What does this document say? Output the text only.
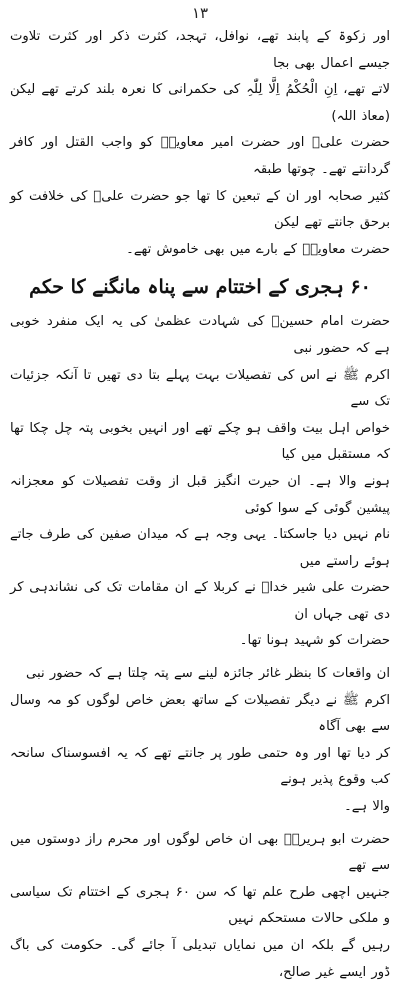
۱۳
اور زکوۃ کے پابند تھے، نوافل، تہجد، کثرت ذکر اور کثرت تلاوت جیسے اعمال بھی بجا
لاتے تھے، اِنِ الْحُکْمُ اِلَّا لِلّٰہِ کی حکمرانی کا نعرہ بلند کرتے تھے لیکن (معاذ اللہ)
حضرت علیؓ اور حضرت امیر معاویہؓ کو واجب القتل اور کافر گردانتے تھے۔ چوتھا طبقہ
کثیر صحابہ اور ان کے تبعین کا تھا جو حضرت علیؓ کی خلافت کو برحق جانتے تھے لیکن
حضرت معاویہؓ کے بارے میں بھی خاموش تھے۔
۶۰ ہجری کے اختتام سے پناہ مانگنے کا حکم
حضرت امام حسینؓ کی شہادت عظمیٰ کی یہ ایک منفرد خوبی ہے کہ حضور نبی
اکرم ﷺ نے اس کی تفصیلات بہت پہلے بتا دی تھیں تا آنکہ جزئیات تک سے
خواص اہل بیت واقف ہو چکے تھے اور انہیں بخوبی پتہ چل چکا تھا کہ مستقبل میں کیا
ہونے والا ہے۔ ان حیرت انگیز قبل از وقت تفصیلات کو معجزانہ پیشین گوئی کے سوا کوئی
نام نہیں دیا جاسکتا۔ یہی وجہ ہے کہ میدان صفین کی طرف جاتے ہوئے راستے میں
حضرت علی شیر خداؓ نے کربلا کے ان مقامات تک کی نشاندہی کر دی تھی جہاں ان
حضرات کو شہید ہونا تھا۔
ان واقعات کا بنظر غائر جائزہ لینے سے پتہ چلتا ہے کہ حضور نبی
اکرم ﷺ نے دیگر تفصیلات کے ساتھ بعض خاص لوگوں کو مہ وسال سے بھی آگاہ
کر دیا تھا اور وہ حتمی طور پر جانتے تھے کہ یہ افسوسناک سانحہ کب وقوع پذیر ہونے
والا ہے۔
حضرت ابو ہریرہؓ بھی ان خاص لوگوں اور محرم راز دوستوں میں سے تھے
جنہیں اچھی طرح علم تھا کہ سن ۶۰ ہجری کے اختتام تک سیاسی و ملکی حالات مستحکم نہیں
رہیں گے بلکہ ان میں نمایاں تبدیلی آ جائے گی۔ حکومت کی باگ ڈور ایسے غیر صالح،
